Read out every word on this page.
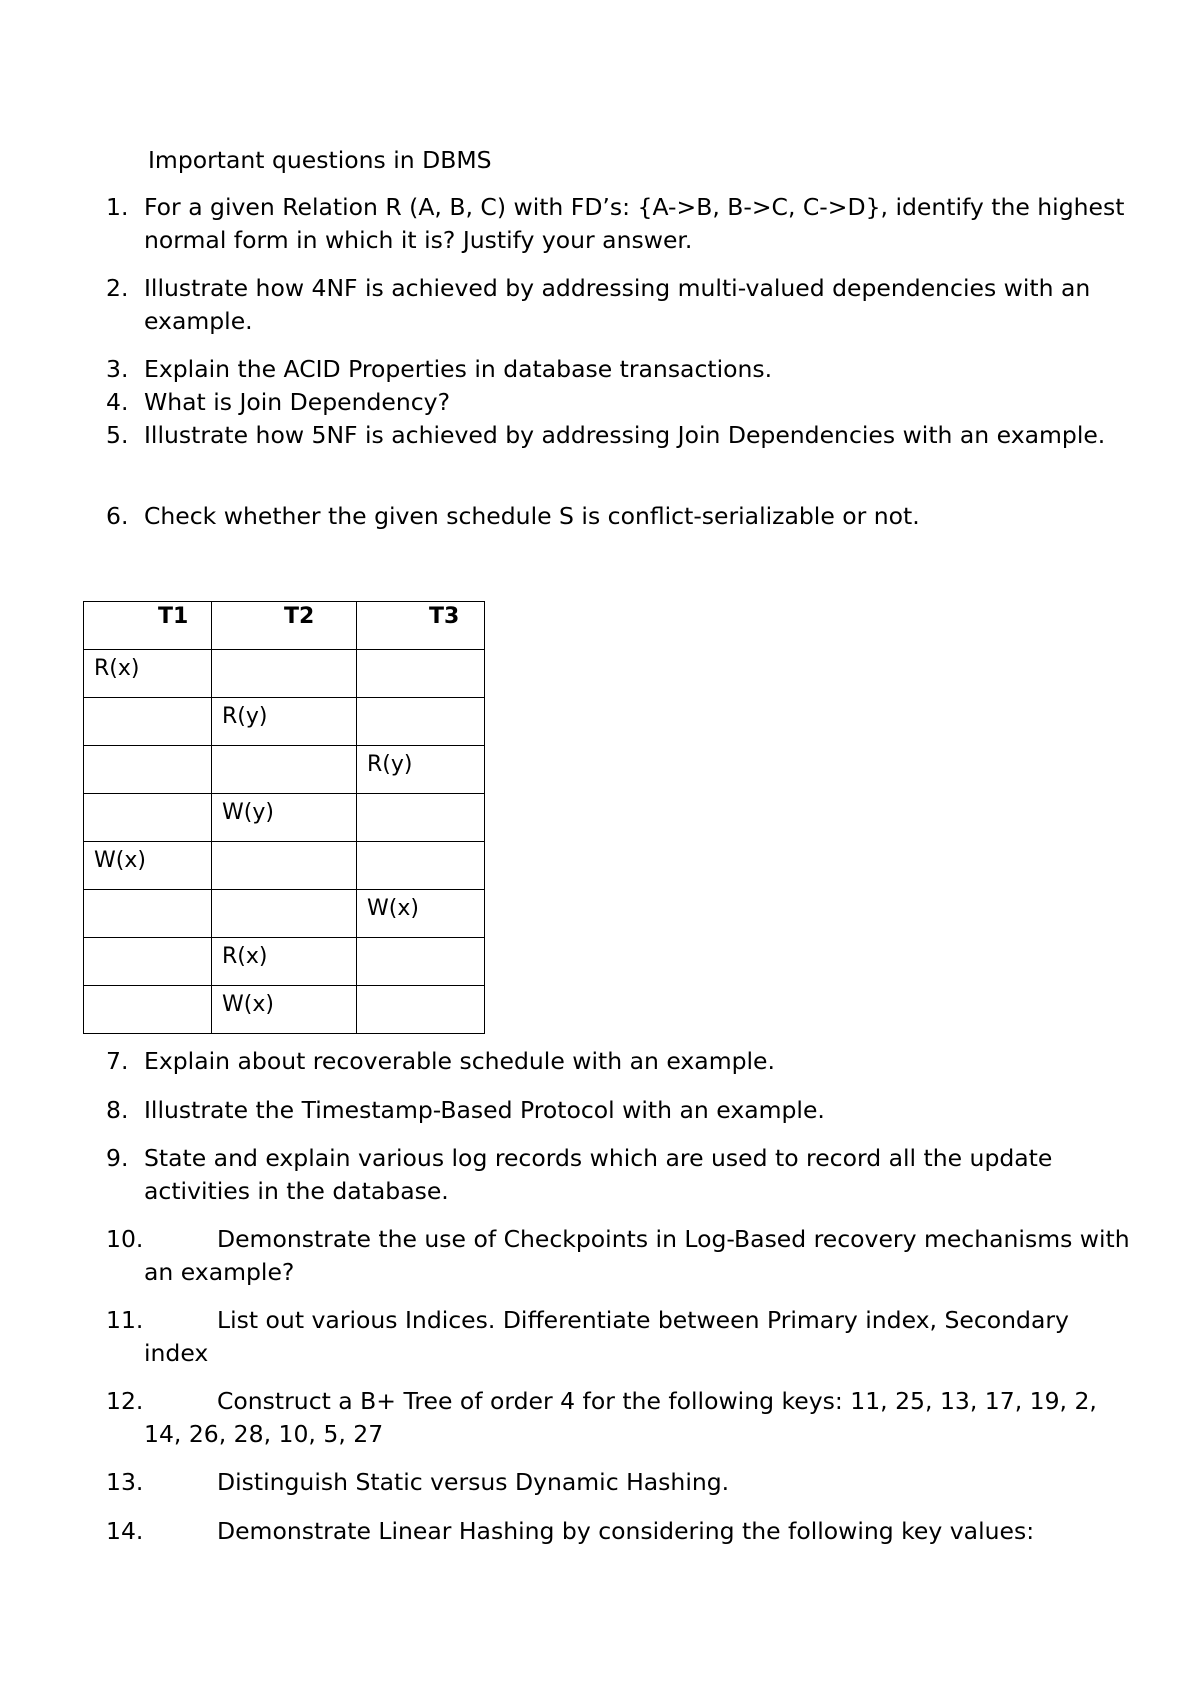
Important questions in DBMS
1. For a given Relation R (A, B, C) with FD’s: {A->B, B->C, C->D}, identify the highest normal form in which it is? Justify your answer.
2. Illustrate how 4NF is achieved by addressing multi-valued dependencies with an example.
3. Explain the ACID Properties in database transactions.
4. What is Join Dependency?
5. Illustrate how 5NF is achieved by addressing Join Dependencies with an example.
6. Check whether the given schedule S is conflict-serializable or not.
T1	T2	T3

R(x)		
	R(y)	
		R(y)
	W(y)	
W(x)		
		W(x)
	R(x)	
	W(x)	
7. Explain about recoverable schedule with an example.
8. Illustrate the Timestamp-Based Protocol with an example.
9. State and explain various log records which are used to record all the update activities in the database.
10.	Demonstrate the use of Checkpoints in Log-Based recovery mechanisms with an example?
11.	List out various Indices. Differentiate between Primary index, Secondary index
12.	Construct a B+ Tree of order 4 for the following keys: 11, 25, 13, 17, 19, 2, 14, 26, 28, 10, 5, 27
13.	Distinguish Static versus Dynamic Hashing.
14.	Demonstrate Linear Hashing by considering the following key values:
